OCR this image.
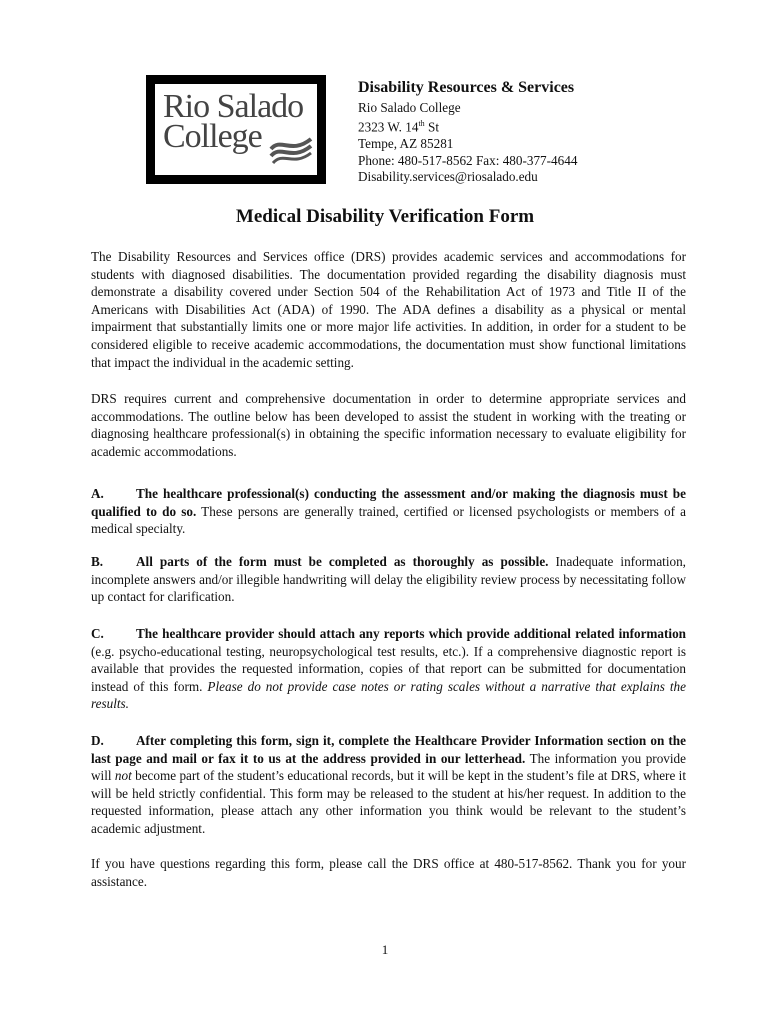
Rio Salado
College
Disability Resources & Services
Rio Salado College
2323 W. 14th St
Tempe, AZ 85281
Phone: 480-517-8562 Fax: 480-377-4644
Disability.services@riosalado.edu
Medical Disability Verification Form
The Disability Resources and Services office (DRS) provides academic services and accommodations for students with diagnosed disabilities. The documentation provided regarding the disability diagnosis must demonstrate a disability covered under Section 504 of the Rehabilitation Act of 1973 and Title II of the Americans with Disabilities Act (ADA) of 1990. The ADA defines a disability as a physical or mental impairment that substantially limits one or more major life activities. In addition, in order for a student to be considered eligible to receive academic accommodations, the documentation must show functional limitations that impact the individual in the academic setting.
DRS requires current and comprehensive documentation in order to determine appropriate services and accommodations. The outline below has been developed to assist the student in working with the treating or diagnosing healthcare professional(s) in obtaining the specific information necessary to evaluate eligibility for academic accommodations.
A. The healthcare professional(s) conducting the assessment and/or making the diagnosis must be qualified to do so. These persons are generally trained, certified or licensed psychologists or members of a medical specialty.
B. All parts of the form must be completed as thoroughly as possible. Inadequate information, incomplete answers and/or illegible handwriting will delay the eligibility review process by necessitating follow up contact for clarification.
C. The healthcare provider should attach any reports which provide additional related information (e.g. psycho-educational testing, neuropsychological test results, etc.). If a comprehensive diagnostic report is available that provides the requested information, copies of that report can be submitted for documentation instead of this form. Please do not provide case notes or rating scales without a narrative that explains the results.
D. After completing this form, sign it, complete the Healthcare Provider Information section on the last page and mail or fax it to us at the address provided in our letterhead. The information you provide will not become part of the student’s educational records, but it will be kept in the student’s file at DRS, where it will be held strictly confidential. This form may be released to the student at his/her request. In addition to the requested information, please attach any other information you think would be relevant to the student’s academic adjustment.
If you have questions regarding this form, please call the DRS office at 480-517-8562. Thank you for your assistance.
1
